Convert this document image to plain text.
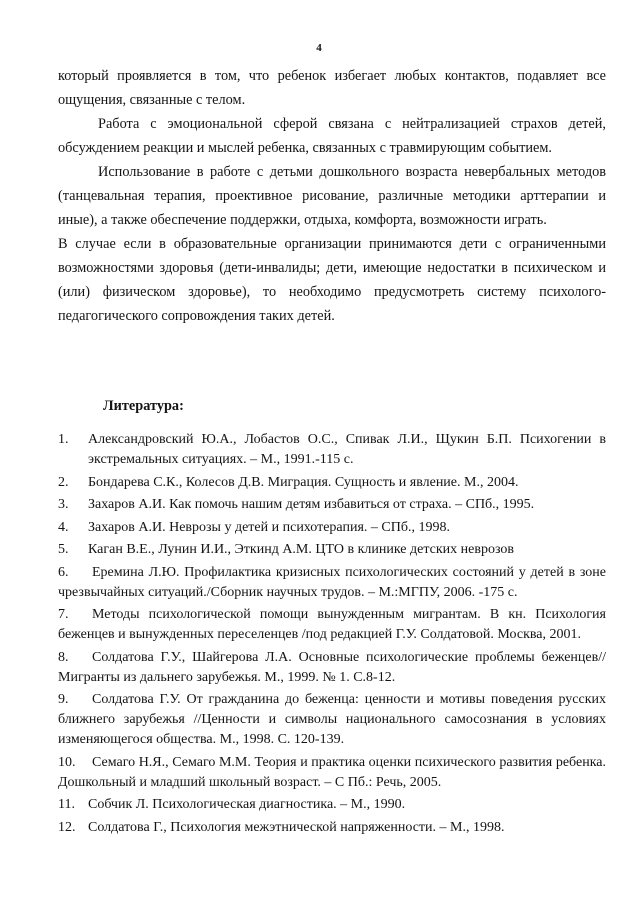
4

который проявляется в том, что ребенок избегает любых контактов, подавляет все ощущения, связанные с телом.

Работа с эмоциональной сферой связана с нейтрализацией страхов детей, обсуждением реакции и мыслей ребенка, связанных с травмирующим событием.

Использование в работе с детьми дошкольного возраста невербальных методов (танцевальная терапия, проективное рисование, различные методики арттерапии и иные), а также обеспечение поддержки, отдыха, комфорта, возможности играть.

В случае если в образовательные организации принимаются дети с ограниченными возможностями здоровья (дети-инвалиды; дети, имеющие недостатки в психическом и (или) физическом здоровье), то необходимо предусмотреть систему психолого-педагогического сопровождения таких детей.

Литература:
1. Александровский Ю.А., Лобастов О.С., Спивак Л.И., Щукин Б.П. Психогении в экстремальных ситуациях. – М., 1991.-115 с.
2. Бондарева С.К., Колесов Д.В. Миграция. Сущность и явление. М., 2004.
3. Захаров А.И. Как помочь нашим детям избавиться от страха. – СПб., 1995.
4. Захаров А.И. Неврозы у детей и психотерапия. – СПб., 1998.
5. Каган В.Е., Лунин И.И., Эткинд А.М. ЦТО в клинике детских неврозов
6. Еремина Л.Ю. Профилактика кризисных психологических состояний у детей в зоне чрезвычайных ситуаций./Сборник научных трудов. – М.:МГПУ, 2006. -175 с.
7. Методы психологической помощи вынужденным мигрантам. В кн. Психология беженцев и вынужденных переселенцев /под редакцией Г.У. Солдатовой. Москва, 2001.
8. Солдатова Г.У., Шайгерова Л.А. Основные психологические проблемы беженцев// Мигранты из дальнего зарубежья. М., 1999. № 1. С.8-12.
9. Солдатова Г.У. От гражданина до беженца: ценности и мотивы поведения русских ближнего зарубежья //Ценности и символы национального самосознания в условиях изменяющегося общества. М., 1998. С. 120-139.
10. Семаго Н.Я., Семаго М.М. Теория и практика оценки психического развития ребенка. Дошкольный и младший школьный возраст. – С Пб.: Речь, 2005.
11. Собчик Л. Психологическая диагностика. – М., 1990.
12. Солдатова Г., Психология межэтнической напряженности. – М., 1998.
